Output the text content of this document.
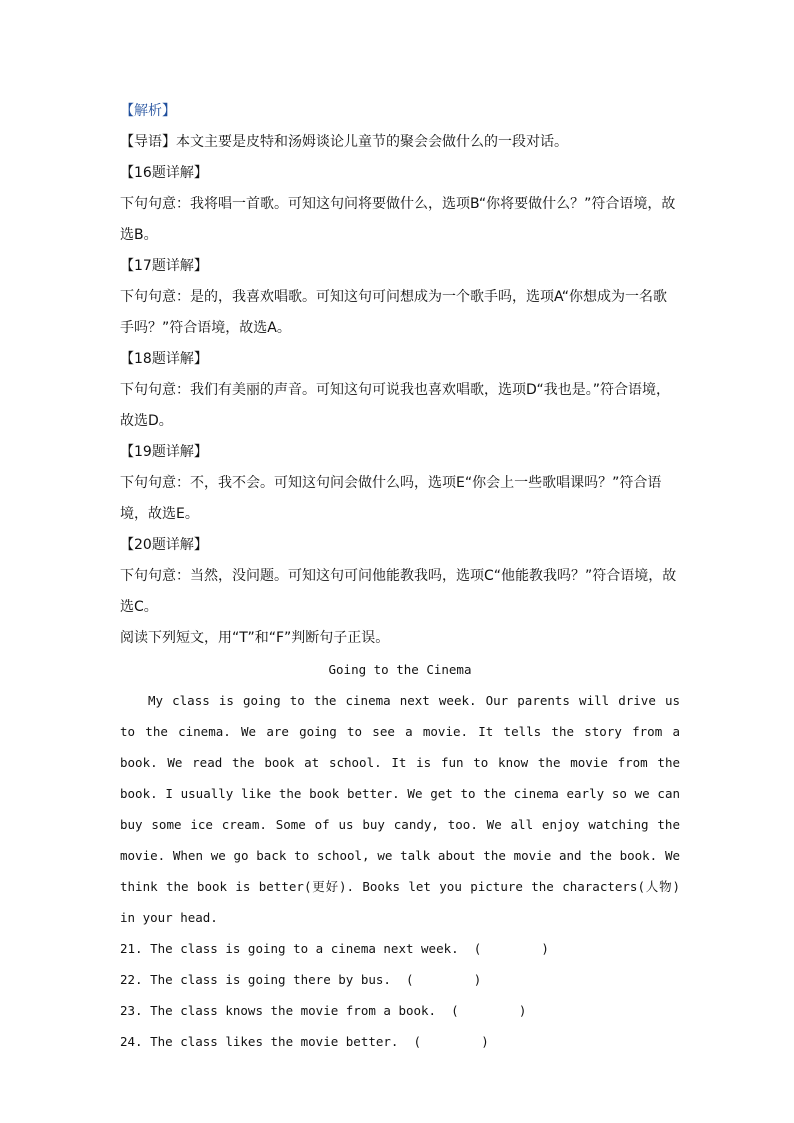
【解析】

【导语】本文主要是皮特和汤姆谈论儿童节的聚会会做什么的一段对话。

【16题详解】

下句句意：我将唱一首歌。可知这句问将要做什么，选项B“你将要做什么？”符合语境，故选B。

【17题详解】

下句句意：是的，我喜欢唱歌。可知这句可问想成为一个歌手吗，选项A“你想成为一名歌手吗？”符合语境，故选A。

【18题详解】

下句句意：我们有美丽的声音。可知这句可说我也喜欢唱歌，选项D“我也是。”符合语境，故选D。

【19题详解】

下句句意：不，我不会。可知这句问会做什么吗，选项E“你会上一些歌唱课吗？”符合语境，故选E。

【20题详解】

下句句意：当然，没问题。可知这句可问他能教我吗，选项C“他能教我吗？”符合语境，故选C。

阅读下列短文，用“T”和“F”判断句子正误。

Going to the Cinema

My class is going to the cinema next week. Our parents will drive us to the cinema. We are going to see a movie. It tells the story from a book. We read the book at school. It is fun to know the movie from the book. I usually like the book better. We get to the cinema early so we can buy some ice cream. Some of us buy candy, too. We all enjoy watching the movie. When we go back to school, we talk about the movie and the book. We think the book is better(更好). Books let you picture the characters(人物) in your head.

21. The class is going to a cinema next week.  (        )

22. The class is going there by bus.  (        )

23. The class knows the movie from a book.  (        )

24. The class likes the movie better.  (        )
